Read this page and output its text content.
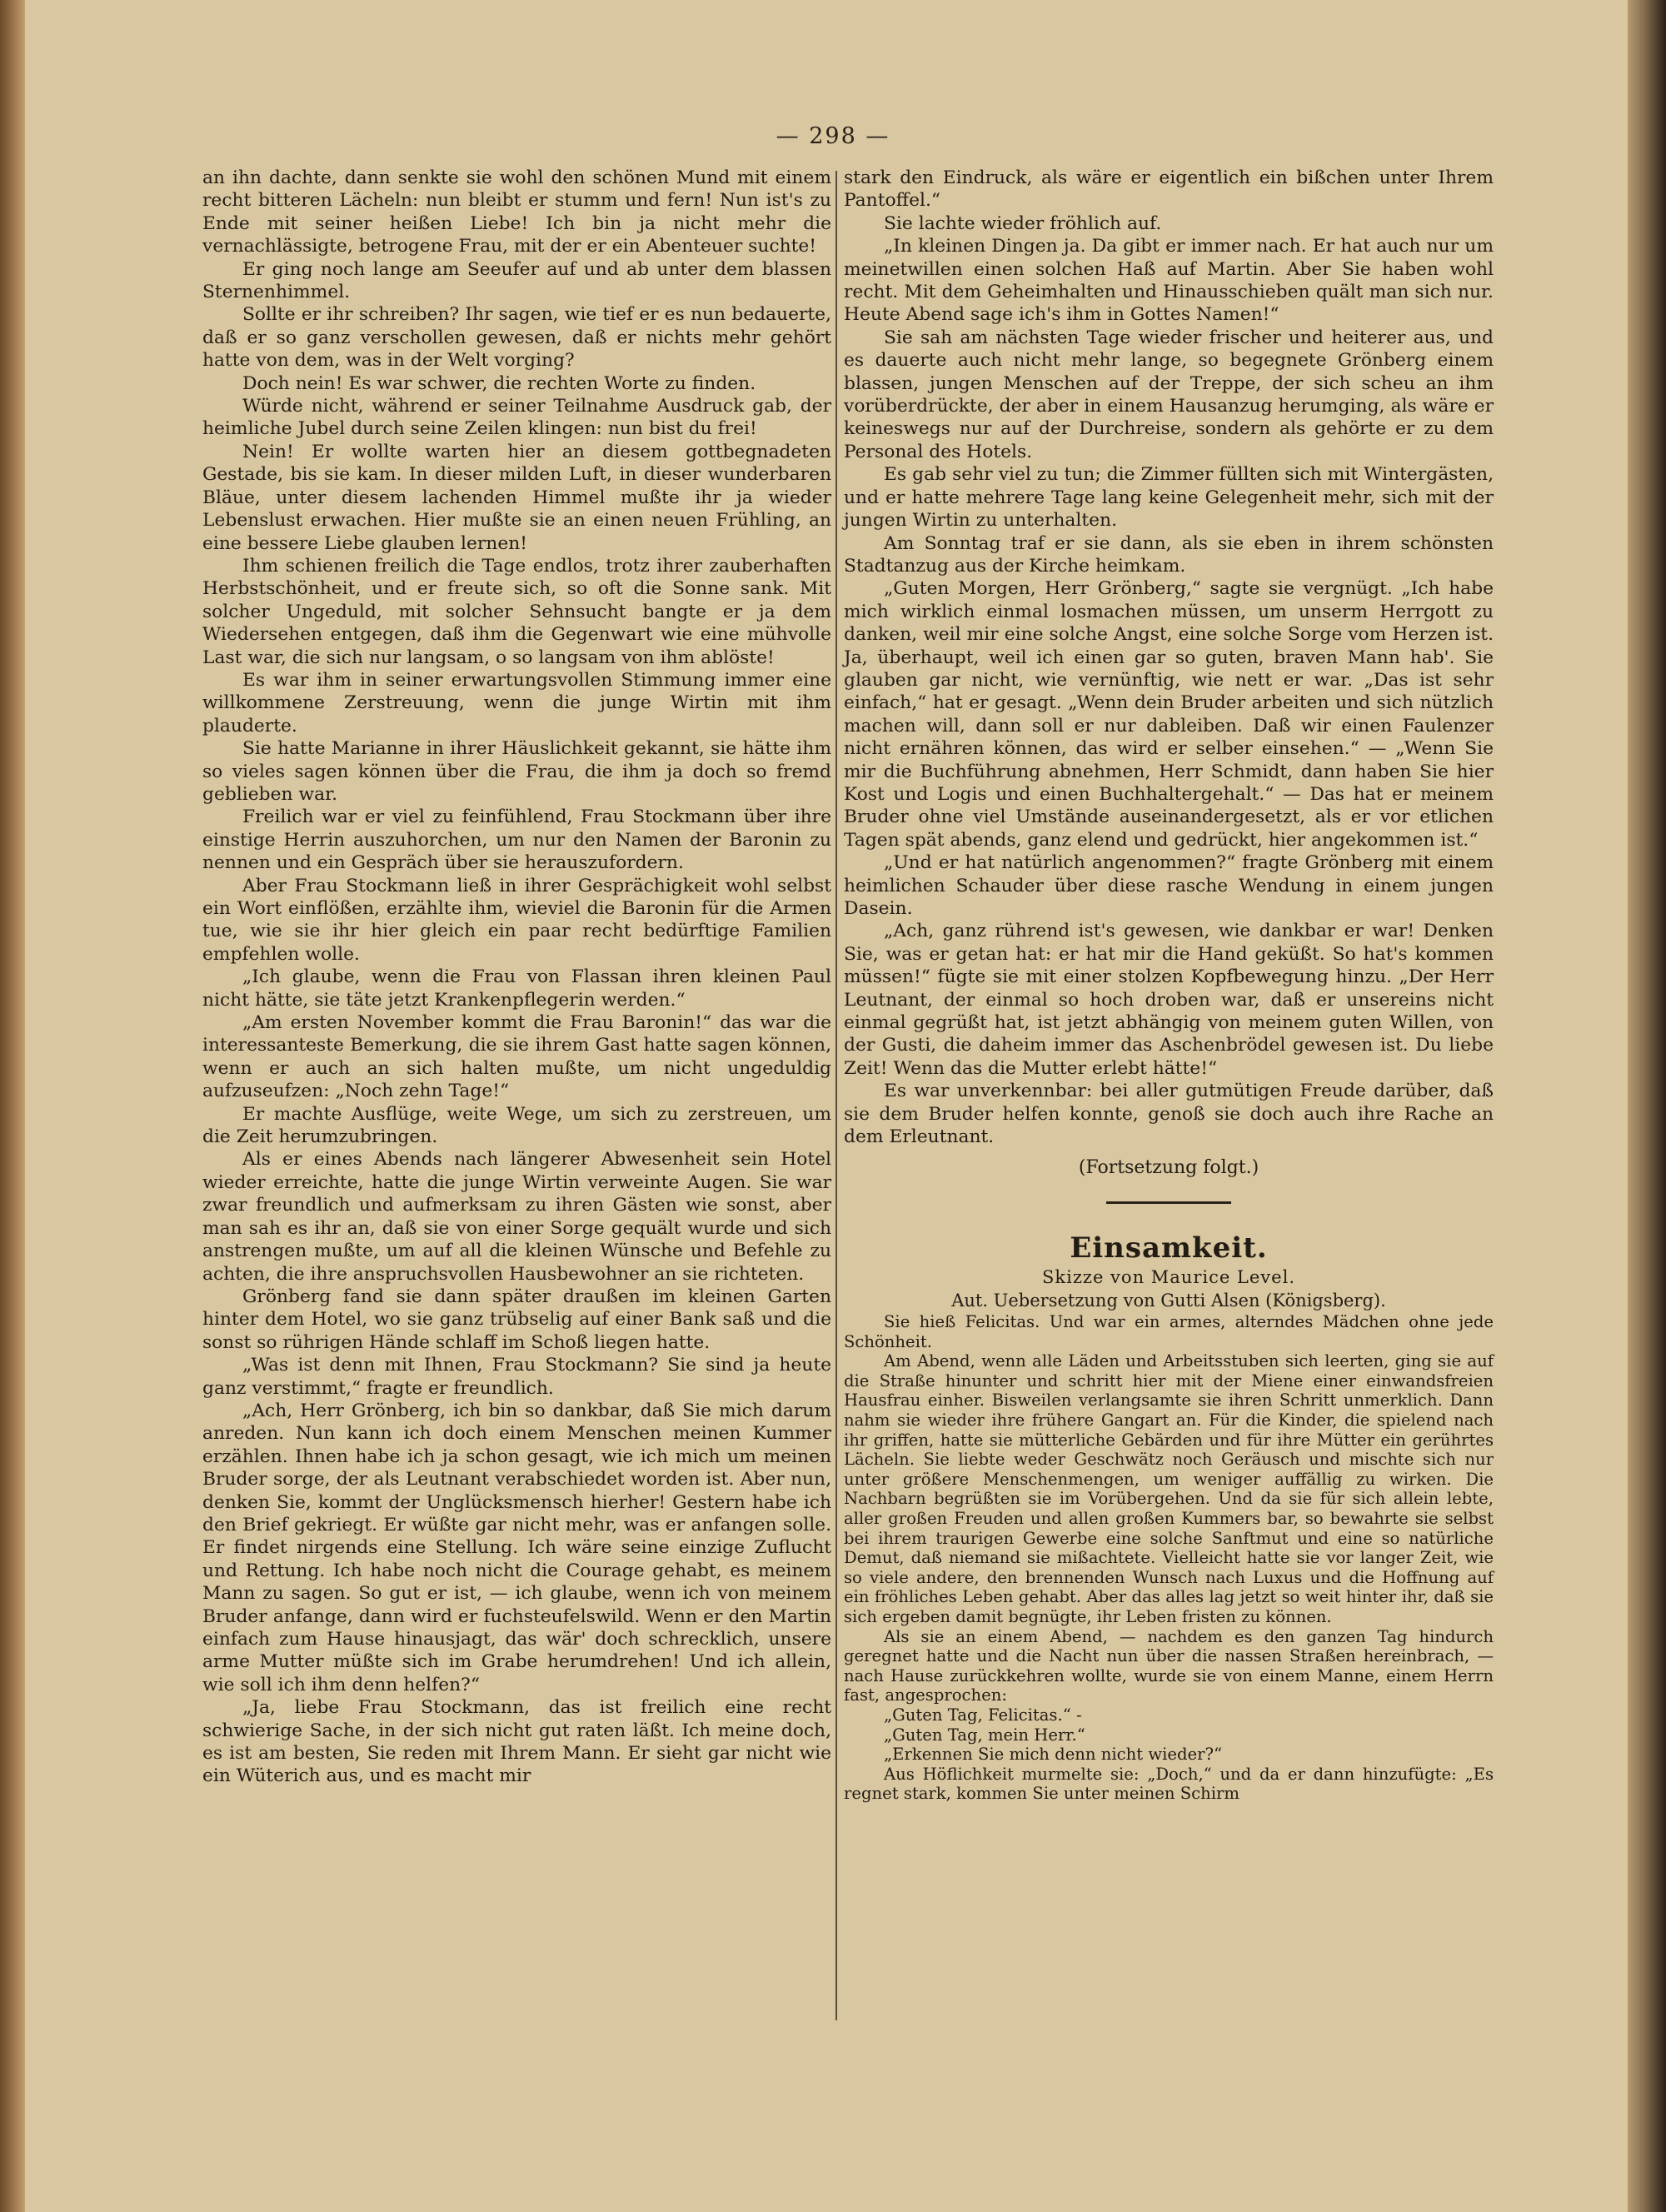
— 298 —

an ihn dachte, dann senkte sie wohl den schönen Mund mit einem recht bitteren Lächeln: nun bleibt er stumm und fern! Nun ist's zu Ende mit seiner heißen Liebe! Ich bin ja nicht mehr die vernachlässigte, betrogene Frau, mit der er ein Abenteuer suchte!

Er ging noch lange am Seeufer auf und ab unter dem blassen Sternenhimmel.

Sollte er ihr schreiben? Ihr sagen, wie tief er es nun bedauerte, daß er so ganz verschollen gewesen, daß er nichts mehr gehört hatte von dem, was in der Welt vorging?

Doch nein! Es war schwer, die rechten Worte zu finden.

Würde nicht, während er seiner Teilnahme Ausdruck gab, der heimliche Jubel durch seine Zeilen klingen: nun bist du frei!

Nein! Er wollte warten hier an diesem gottbegnadeten Gestade, bis sie kam. In dieser milden Luft, in dieser wunderbaren Bläue, unter diesem lachenden Himmel mußte ihr ja wieder Lebenslust erwachen. Hier mußte sie an einen neuen Frühling, an eine bessere Liebe glauben lernen!

Ihm schienen freilich die Tage endlos, trotz ihrer zauberhaften Herbstschönheit, und er freute sich, so oft die Sonne sank. Mit solcher Ungeduld, mit solcher Sehnsucht bangte er ja dem Wiedersehen entgegen, daß ihm die Gegenwart wie eine mühvolle Last war, die sich nur langsam, o so langsam von ihm ablöste!

Es war ihm in seiner erwartungsvollen Stimmung immer eine willkommene Zerstreuung, wenn die junge Wirtin mit ihm plauderte.

Sie hatte Marianne in ihrer Häuslichkeit gekannt, sie hätte ihm so vieles sagen können über die Frau, die ihm ja doch so fremd geblieben war.

Freilich war er viel zu feinfühlend, Frau Stockmann über ihre einstige Herrin auszuhorchen, um nur den Namen der Baronin zu nennen und ein Gespräch über sie herauszufordern.

Aber Frau Stockmann ließ in ihrer Gesprächigkeit wohl selbst ein Wort einflößen, erzählte ihm, wieviel die Baronin für die Armen tue, wie sie ihr hier gleich ein paar recht bedürftige Familien empfehlen wolle.

„Ich glaube, wenn die Frau von Flassan ihren kleinen Paul nicht hätte, sie täte jetzt Krankenpflegerin werden.“

„Am ersten November kommt die Frau Baronin!“ das war die interessanteste Bemerkung, die sie ihrem Gast hatte sagen können, wenn er auch an sich halten mußte, um nicht ungeduldig aufzuseufzen: „Noch zehn Tage!“

Er machte Ausflüge, weite Wege, um sich zu zerstreuen, um die Zeit herumzubringen.

Als er eines Abends nach längerer Abwesenheit sein Hotel wieder erreichte, hatte die junge Wirtin verweinte Augen. Sie war zwar freundlich und aufmerksam zu ihren Gästen wie sonst, aber man sah es ihr an, daß sie von einer Sorge gequält wurde und sich anstrengen mußte, um auf all die kleinen Wünsche und Befehle zu achten, die ihre anspruchsvollen Hausbewohner an sie richteten.

Grönberg fand sie dann später draußen im kleinen Garten hinter dem Hotel, wo sie ganz trübselig auf einer Bank saß und die sonst so rührigen Hände schlaff im Schoß liegen hatte.

„Was ist denn mit Ihnen, Frau Stockmann? Sie sind ja heute ganz verstimmt,“ fragte er freundlich.

„Ach, Herr Grönberg, ich bin so dankbar, daß Sie mich darum anreden. Nun kann ich doch einem Menschen meinen Kummer erzählen. Ihnen habe ich ja schon gesagt, wie ich mich um meinen Bruder sorge, der als Leutnant verabschiedet worden ist. Aber nun, denken Sie, kommt der Unglücksmensch hierher! Gestern habe ich den Brief gekriegt. Er wüßte gar nicht mehr, was er anfangen solle. Er findet nirgends eine Stellung. Ich wäre seine einzige Zuflucht und Rettung. Ich habe noch nicht die Courage gehabt, es meinem Mann zu sagen. So gut er ist, — ich glaube, wenn ich von meinem Bruder anfange, dann wird er fuchsteufelswild. Wenn er den Martin einfach zum Hause hinausjagt, das wär' doch schrecklich, unsere arme Mutter müßte sich im Grabe herumdrehen! Und ich allein, wie soll ich ihm denn helfen?“

„Ja, liebe Frau Stockmann, das ist freilich eine recht schwierige Sache, in der sich nicht gut raten läßt. Ich meine doch, es ist am besten, Sie reden mit Ihrem Mann. Er sieht gar nicht wie ein Wüterich aus, und es macht mir

stark den Eindruck, als wäre er eigentlich ein bißchen unter Ihrem Pantoffel.“

Sie lachte wieder fröhlich auf.

„In kleinen Dingen ja. Da gibt er immer nach. Er hat auch nur um meinetwillen einen solchen Haß auf Martin. Aber Sie haben wohl recht. Mit dem Geheimhalten und Hinausschieben quält man sich nur. Heute Abend sage ich's ihm in Gottes Namen!“

Sie sah am nächsten Tage wieder frischer und heiterer aus, und es dauerte auch nicht mehr lange, so begegnete Grönberg einem blassen, jungen Menschen auf der Treppe, der sich scheu an ihm vorüberdrückte, der aber in einem Hausanzug herumging, als wäre er keineswegs nur auf der Durchreise, sondern als gehörte er zu dem Personal des Hotels.

Es gab sehr viel zu tun; die Zimmer füllten sich mit Wintergästen, und er hatte mehrere Tage lang keine Gelegenheit mehr, sich mit der jungen Wirtin zu unterhalten.

Am Sonntag traf er sie dann, als sie eben in ihrem schönsten Stadtanzug aus der Kirche heimkam.

„Guten Morgen, Herr Grönberg,“ sagte sie vergnügt. „Ich habe mich wirklich einmal losmachen müssen, um unserm Herrgott zu danken, weil mir eine solche Angst, eine solche Sorge vom Herzen ist. Ja, überhaupt, weil ich einen gar so guten, braven Mann hab'. Sie glauben gar nicht, wie vernünftig, wie nett er war. „Das ist sehr einfach,“ hat er gesagt. „Wenn dein Bruder arbeiten und sich nützlich machen will, dann soll er nur dableiben. Daß wir einen Faulenzer nicht ernähren können, das wird er selber einsehen.“ — „Wenn Sie mir die Buchführung abnehmen, Herr Schmidt, dann haben Sie hier Kost und Logis und einen Buchhaltergehalt.“ — Das hat er meinem Bruder ohne viel Umstände auseinandergesetzt, als er vor etlichen Tagen spät abends, ganz elend und gedrückt, hier angekommen ist.“

„Und er hat natürlich angenommen?“ fragte Grönberg mit einem heimlichen Schauder über diese rasche Wendung in einem jungen Dasein.

„Ach, ganz rührend ist's gewesen, wie dankbar er war! Denken Sie, was er getan hat: er hat mir die Hand geküßt. So hat's kommen müssen!“ fügte sie mit einer stolzen Kopfbewegung hinzu. „Der Herr Leutnant, der einmal so hoch droben war, daß er unsereins nicht einmal gegrüßt hat, ist jetzt abhängig von meinem guten Willen, von der Gusti, die daheim immer das Aschenbrödel gewesen ist. Du liebe Zeit! Wenn das die Mutter erlebt hätte!“

Es war unverkennbar: bei aller gutmütigen Freude darüber, daß sie dem Bruder helfen konnte, genoß sie doch auch ihre Rache an dem Erleutnant.

(Fortsetzung folgt.)
Einsamkeit.

Skizze von Maurice Level.

Aut. Uebersetzung von Gutti Alsen (Königsberg).

Sie hieß Felicitas. Und war ein armes, alterndes Mädchen ohne jede Schönheit.

Am Abend, wenn alle Läden und Arbeitsstuben sich leerten, ging sie auf die Straße hinunter und schritt hier mit der Miene einer einwandsfreien Hausfrau einher. Bisweilen verlangsamte sie ihren Schritt unmerklich. Dann nahm sie wieder ihre frühere Gangart an. Für die Kinder, die spielend nach ihr griffen, hatte sie mütterliche Gebärden und für ihre Mütter ein gerührtes Lächeln. Sie liebte weder Geschwätz noch Geräusch und mischte sich nur unter größere Menschenmengen, um weniger auffällig zu wirken. Die Nachbarn begrüßten sie im Vorübergehen. Und da sie für sich allein lebte, aller großen Freuden und allen großen Kummers bar, so bewahrte sie selbst bei ihrem traurigen Gewerbe eine solche Sanftmut und eine so natürliche Demut, daß niemand sie mißachtete. Vielleicht hatte sie vor langer Zeit, wie so viele andere, den brennenden Wunsch nach Luxus und die Hoffnung auf ein fröhliches Leben gehabt. Aber das alles lag jetzt so weit hinter ihr, daß sie sich ergeben damit begnügte, ihr Leben fristen zu können.

Als sie an einem Abend, — nachdem es den ganzen Tag hindurch geregnet hatte und die Nacht nun über die nassen Straßen hereinbrach, — nach Hause zurückkehren wollte, wurde sie von einem Manne, einem Herrn fast, angesprochen:

„Guten Tag, Felicitas.“ -

„Guten Tag, mein Herr.“

„Erkennen Sie mich denn nicht wieder?“

Aus Höflichkeit murmelte sie: „Doch,“ und da er dann hinzufügte: „Es regnet stark, kommen Sie unter meinen Schirm
